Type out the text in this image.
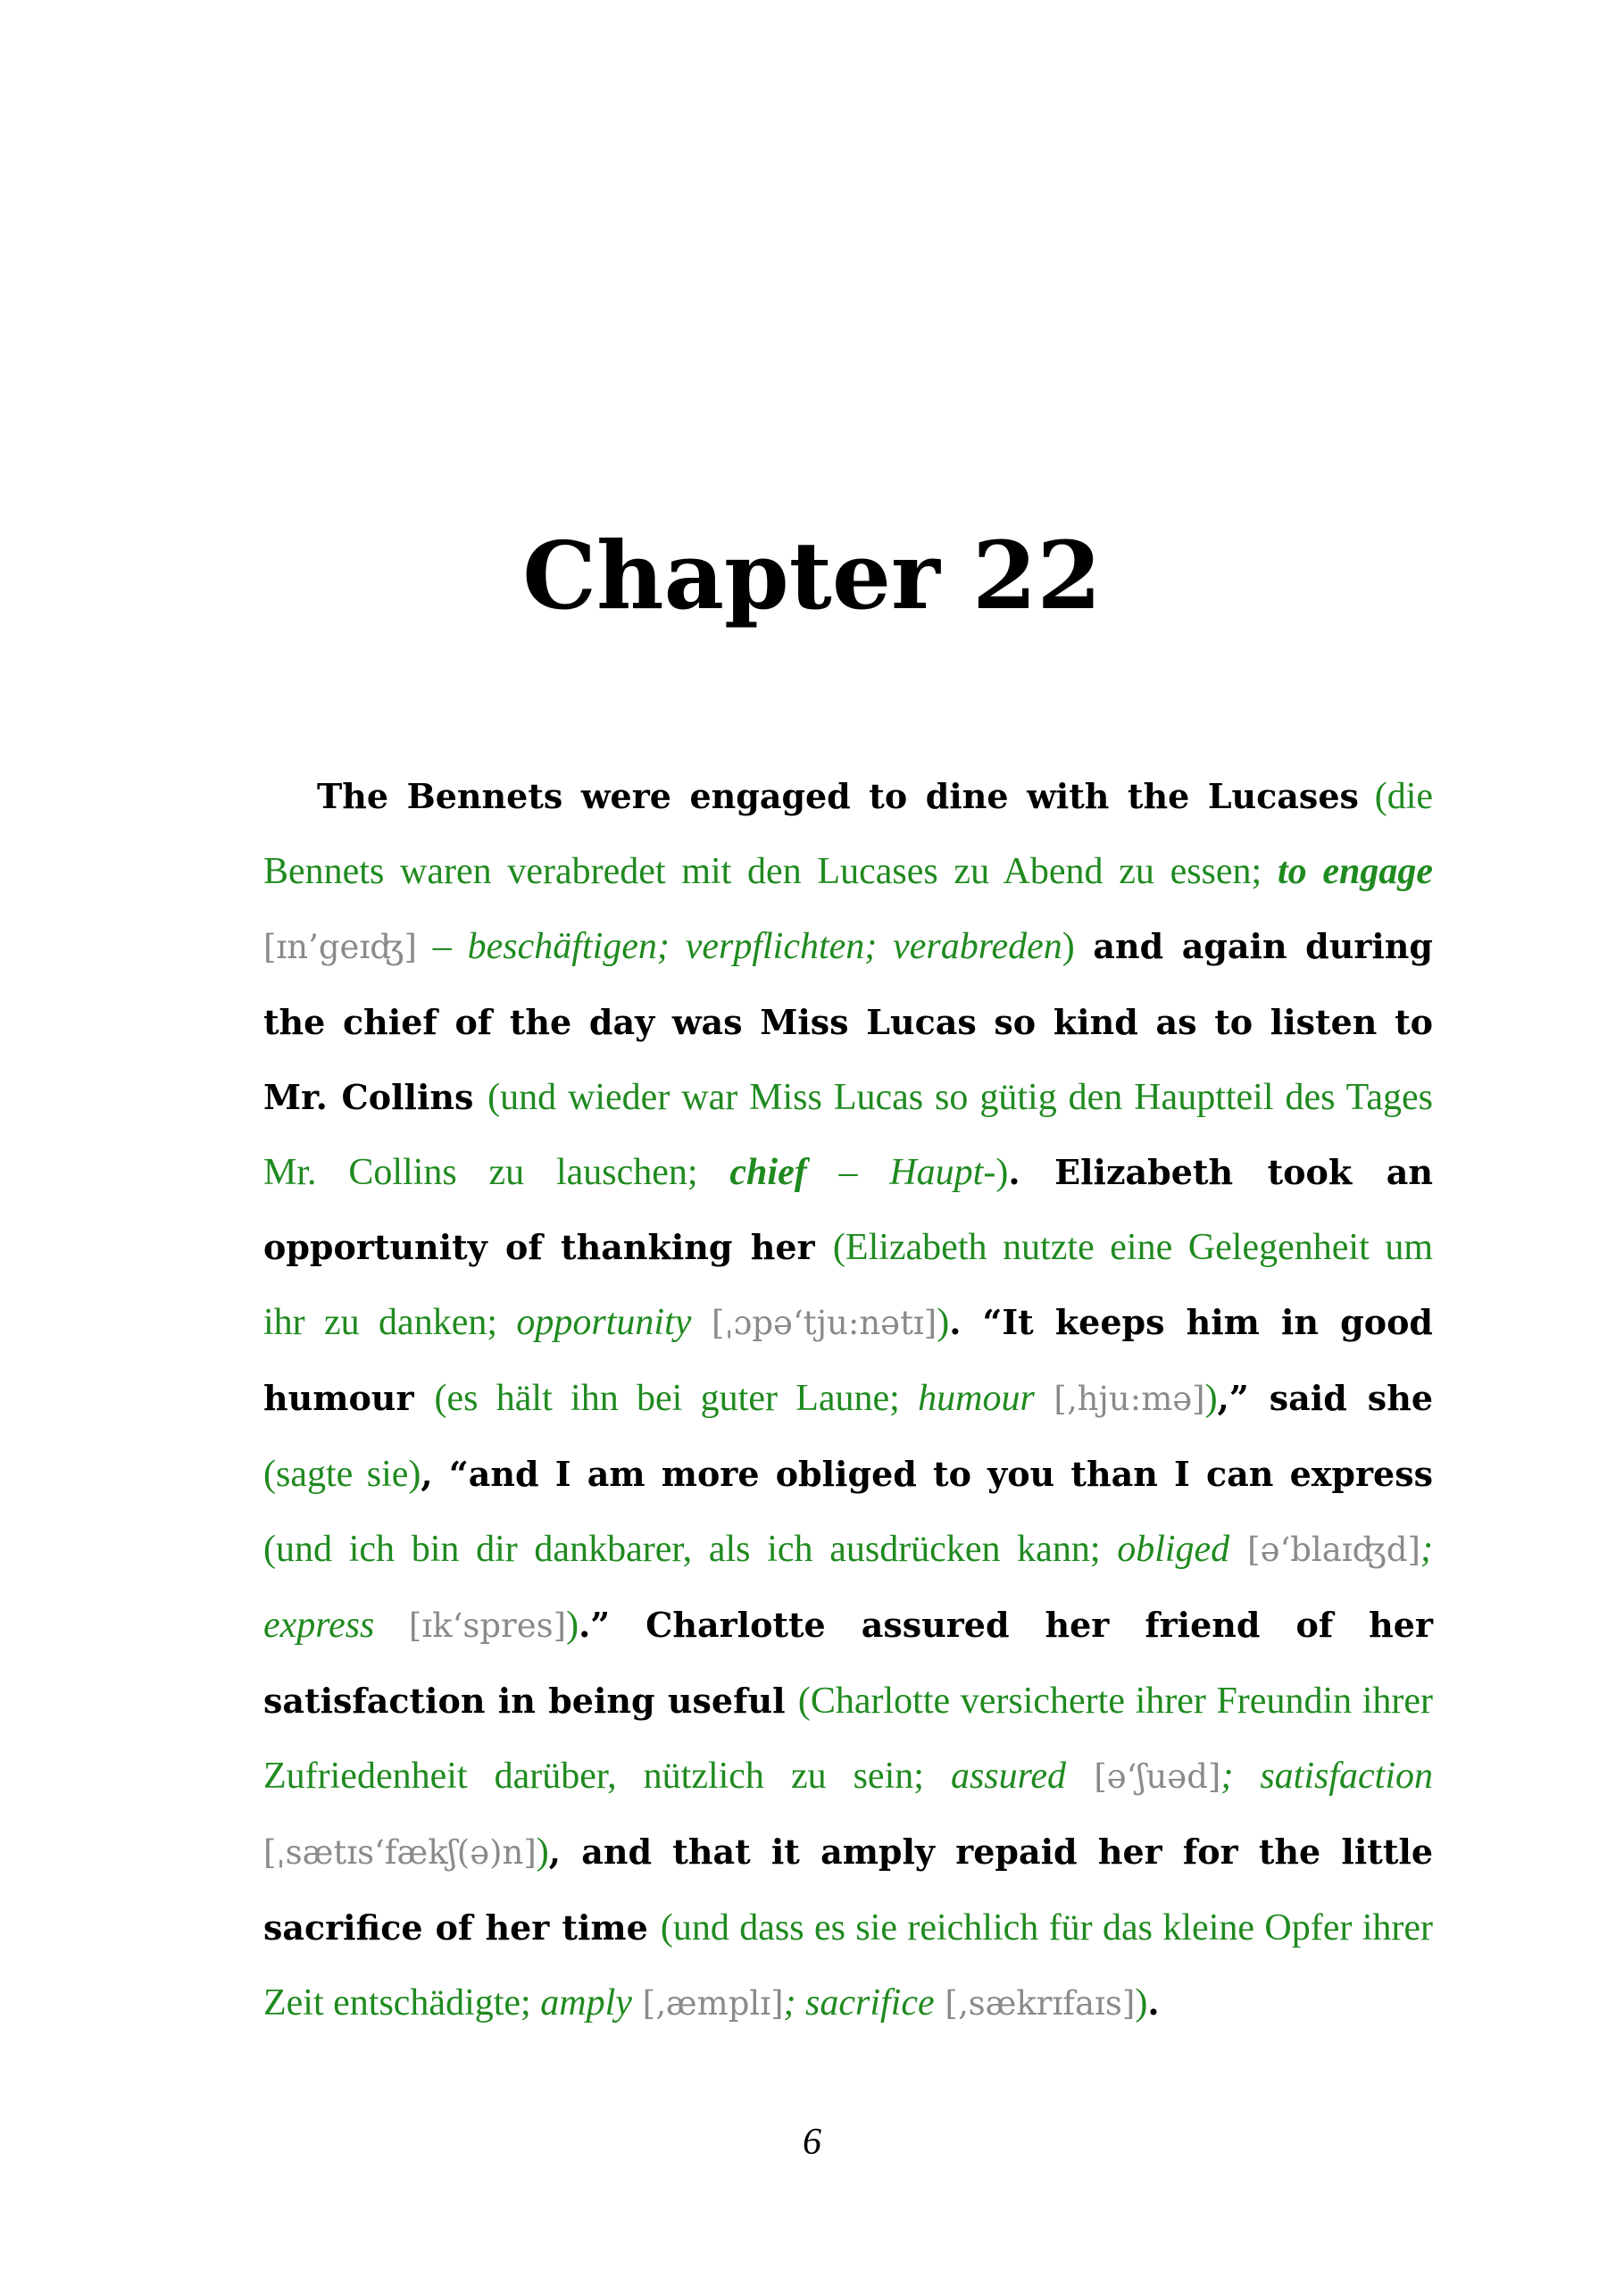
Chapter 22

The Bennets were engaged to dine with the Lucases (die Bennets waren verabredet mit den Lucases zu Abend zu essen; to engage [ɪn’geɪʤ] – beschäftigen; verpflichten; verabreden) and again during the chief of the day was Miss Lucas so kind as to listen to Mr. Collins (und wieder war Miss Lucas so gütig den Hauptteil des Tages Mr. Collins zu lauschen; chief – Haupt-). Elizabeth took an opportunity of thanking her (Elizabeth nutzte eine Gelegenheit um ihr zu danken; opportunity [ˌɔpə‘tju:nətɪ]). “It keeps him in good humour (es hält ihn bei guter Laune; humour [‚hju:mə]),” said she (sagte sie), “and I am more obliged to you than I can express (und ich bin dir dankbarer, als ich ausdrücken kann; obliged [ə‘blaɪʤd]; express [ɪk‘spres]).” Charlotte assured her friend of her satisfaction in being useful (Charlotte versicherte ihrer Freundin ihrer Zufriedenheit darüber, nützlich zu sein; assured [ə‘ʃuəd]; satisfaction [ˌsætɪs‘fækʃ(ə)n]), and that it amply repaid her for the little sacrifice of her time (und dass es sie reichlich für das kleine Opfer ihrer Zeit entschädigte; amply [‚æmplɪ]; sacrifice [‚sækrɪfaɪs]).

6
